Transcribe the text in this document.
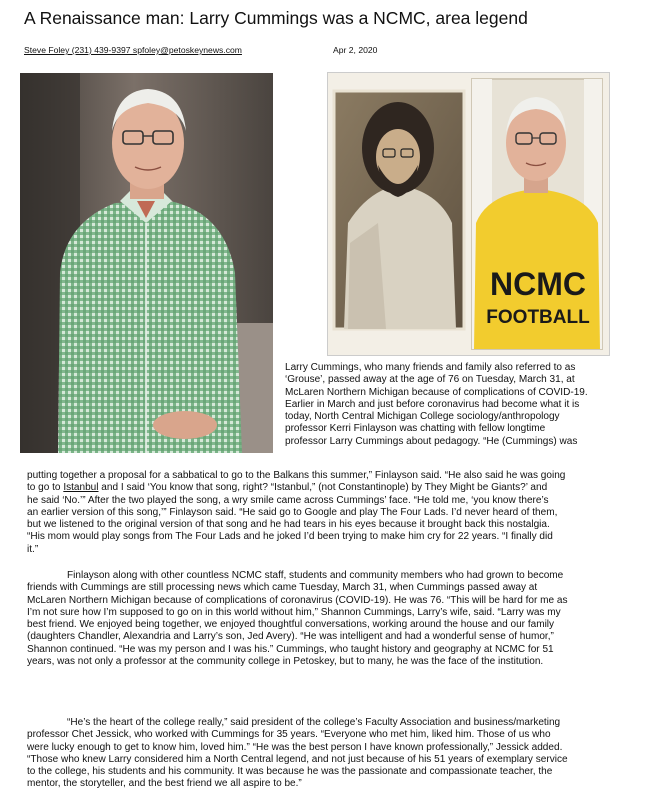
A Renaissance man: Larry Cummings was a NCMC, area legend
Steve Foley (231) 439-9397 spfoley@petoskeynews.com	Apr 2, 2020
NCMC
FOOTBALL
Larry Cummings, who many friends and family also referred to as
‘Grouse’, passed away at the age of 76 on Tuesday, March 31, at
McLaren Northern Michigan because of complications of COVID-19.
Earlier in March and just before coronavirus had become what it is
today, North Central Michigan College sociology/anthropology
professor Kerri Finlayson was chatting with fellow longtime
professor Larry Cummings about pedagogy. “He (Cummings) was
putting together a proposal for a sabbatical to go to the Balkans this summer,” Finlayson said. “He also said he was going
to go to Istanbul and I said ‘You know that song, right? “Istanbul,” (not Constantinople) by They Might be Giants?’ and
he said ‘No.’” After the two played the song, a wry smile came across Cummings’ face. “He told me, ‘you know there’s
an earlier version of this song,’” Finlayson said. “He said go to Google and play The Four Lads. I’d never heard of them,
but we listened to the original version of that song and he had tears in his eyes because it brought back this nostalgia.
“His mom would play songs from The Four Lads and he joked I’d been trying to make him cry for 22 years. “I finally did
it.”
Finlayson along with other countless NCMC staff, students and community members who had grown to become
friends with Cummings are still processing news which came Tuesday, March 31, when Cummings passed away at
McLaren Northern Michigan because of complications of coronavirus (COVID-19). He was 76. “This will be hard for me as
I’m not sure how I’m supposed to go on in this world without him,” Shannon Cummings, Larry’s wife, said. “Larry was my
best friend. We enjoyed being together, we enjoyed thoughtful conversations, working around the house and our family
(daughters Chandler, Alexandria and Larry’s son, Jed Avery). “He was intelligent and had a wonderful sense of humor,”
Shannon continued. “He was my person and I was his.” Cummings, who taught history and geography at NCMC for 51
years, was not only a professor at the community college in Petoskey, but to many, he was the face of the institution.
“He’s the heart of the college really,” said president of the college’s Faculty Association and business/marketing
professor Chet Jessick, who worked with Cummings for 35 years. “Everyone who met him, liked him. Those of us who
were lucky enough to get to know him, loved him.” “He was the best person I have known professionally,” Jessick added.
“Those who knew Larry considered him a North Central legend, and not just because of his 51 years of exemplary service
to the college, his students and his community. It was because he was the passionate and compassionate teacher, the
mentor, the storyteller, and the best friend we all aspire to be.”
